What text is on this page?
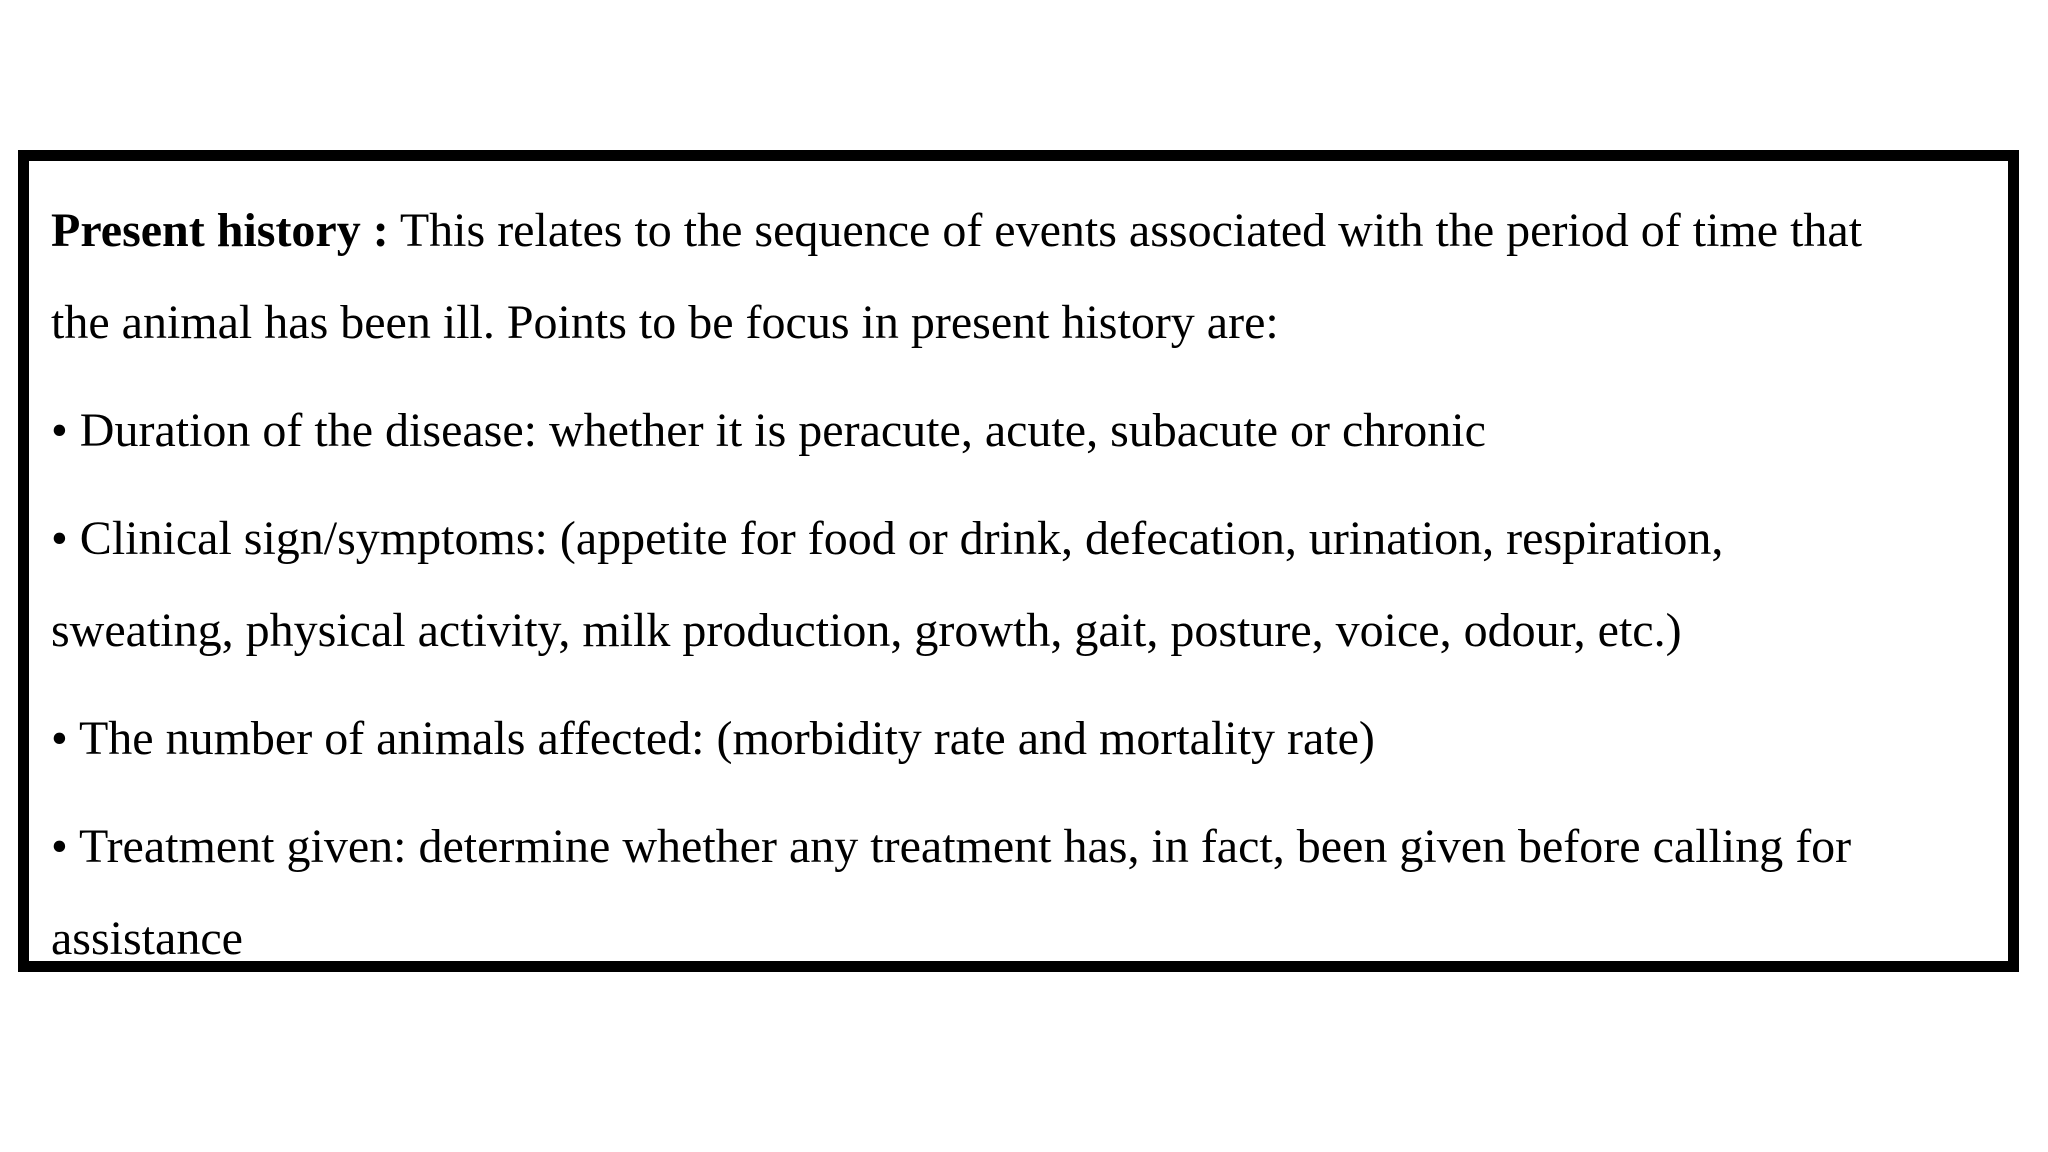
Present history : This relates to the sequence of events associated with the period of time that
the animal has been ill. Points to be focus in present history are:

• Duration of the disease: whether it is peracute, acute, subacute or chronic

• Clinical sign/symptoms: (appetite for food or drink, defecation, urination, respiration,
sweating, physical activity, milk production, growth, gait, posture, voice, odour, etc.)

• The number of animals affected: (morbidity rate and mortality rate)

• Treatment given: determine whether any treatment has, in fact, been given before calling for
assistance
